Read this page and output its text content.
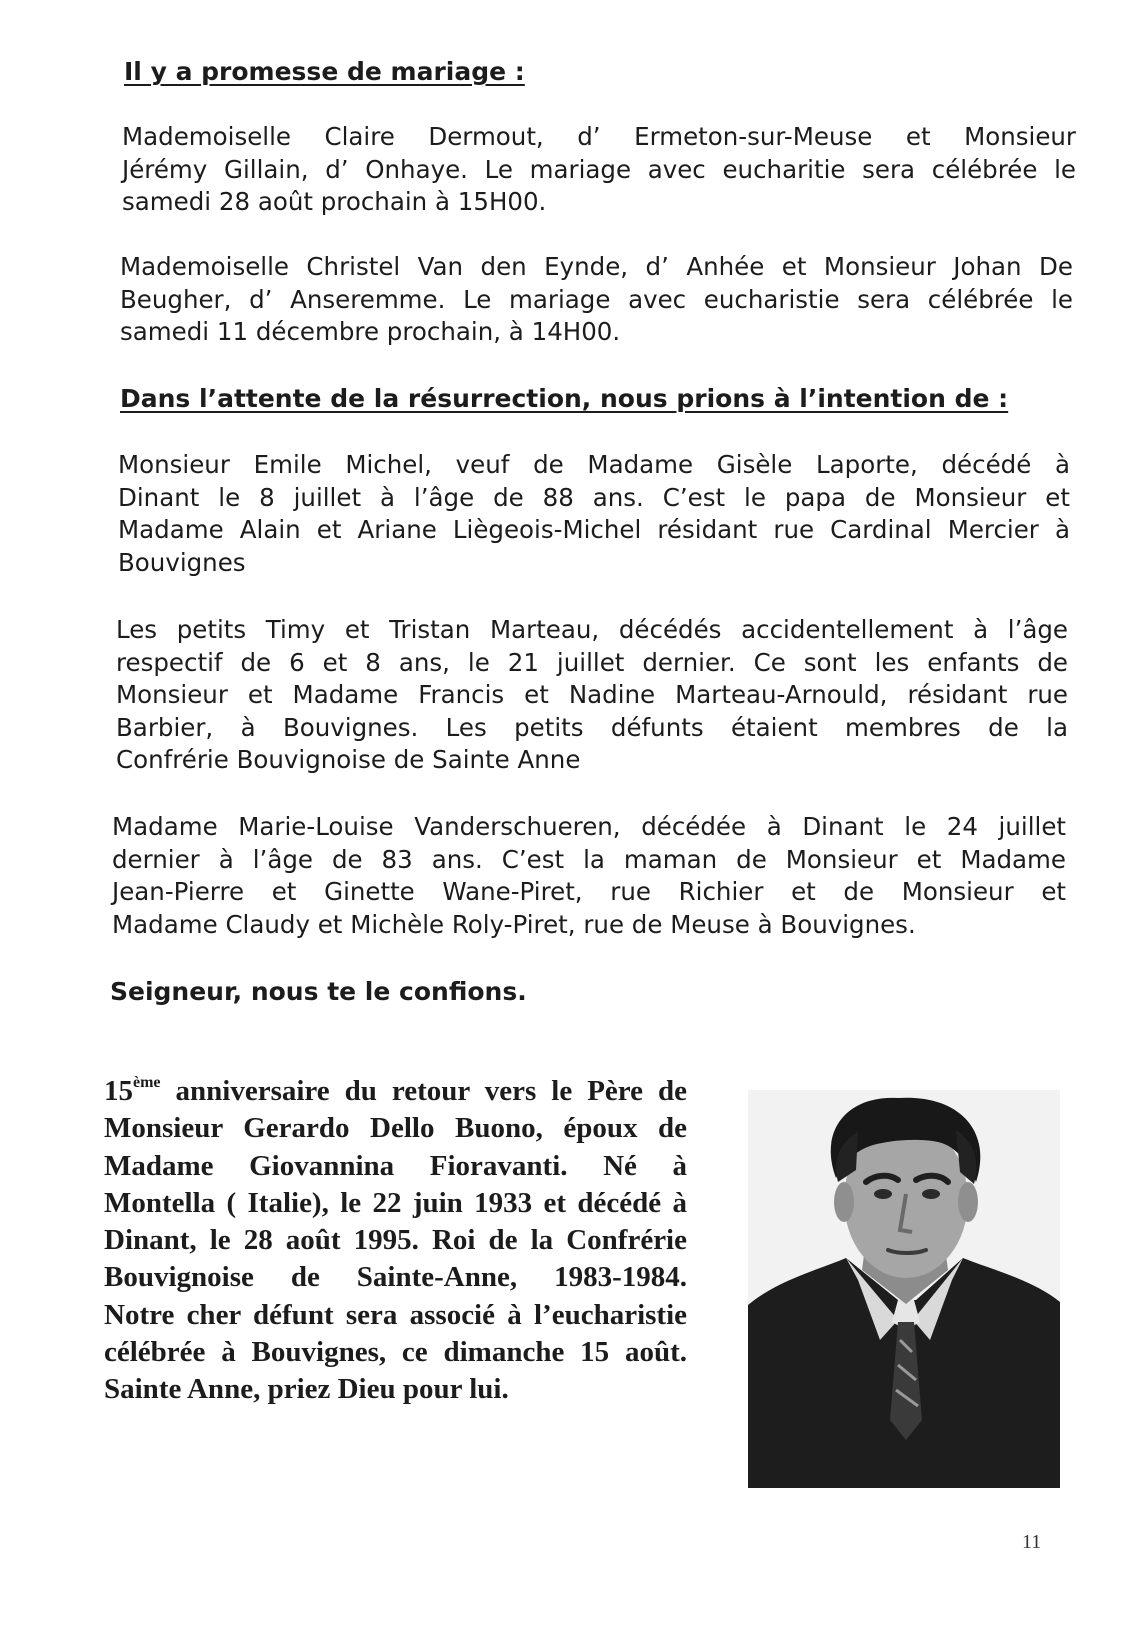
Il y a promesse de mariage :
Mademoiselle Claire Dermout, d’ Ermeton-sur-Meuse et Monsieur
Jérémy Gillain, d’ Onhaye. Le mariage avec eucharitie sera célébrée le
samedi 28 août prochain à 15H00.
Mademoiselle Christel Van den Eynde, d’ Anhée et Monsieur Johan De
Beugher, d’ Anseremme. Le mariage avec eucharistie sera célébrée le
samedi 11 décembre prochain, à 14H00.
Dans l’attente de la résurrection, nous prions à l’intention de :
Monsieur Emile Michel, veuf de Madame Gisèle Laporte, décédé à
Dinant le 8 juillet à l’âge de 88 ans. C’est le papa de Monsieur et
Madame Alain et Ariane Liègeois-Michel résidant rue Cardinal Mercier à
Bouvignes
Les petits Timy et Tristan Marteau, décédés accidentellement à l’âge
respectif de 6 et 8 ans, le 21 juillet dernier. Ce sont les enfants de
Monsieur et Madame Francis et Nadine Marteau-Arnould, résidant rue
Barbier, à Bouvignes. Les petits défunts étaient membres de la
Confrérie Bouvignoise de Sainte Anne
Madame Marie-Louise Vanderschueren, décédée à Dinant le 24 juillet
dernier à l’âge de 83 ans. C’est la maman de Monsieur et Madame
Jean-Pierre et Ginette Wane-Piret, rue Richier et de Monsieur et
Madame Claudy et Michèle Roly-Piret, rue de Meuse à Bouvignes.

Seigneur, nous te le confions.

15ème anniversaire du retour vers le Père de
Monsieur Gerardo Dello Buono, époux de
Madame Giovannina Fioravanti. Né à
Montella ( Italie), le 22 juin 1933 et décédé à
Dinant, le 28 août 1995. Roi de la Confrérie
Bouvignoise de Sainte-Anne, 1983-1984.
Notre cher défunt sera associé à l’eucharistie
célébrée à Bouvignes, ce dimanche 15 août.
Sainte Anne, priez Dieu pour lui.
11
